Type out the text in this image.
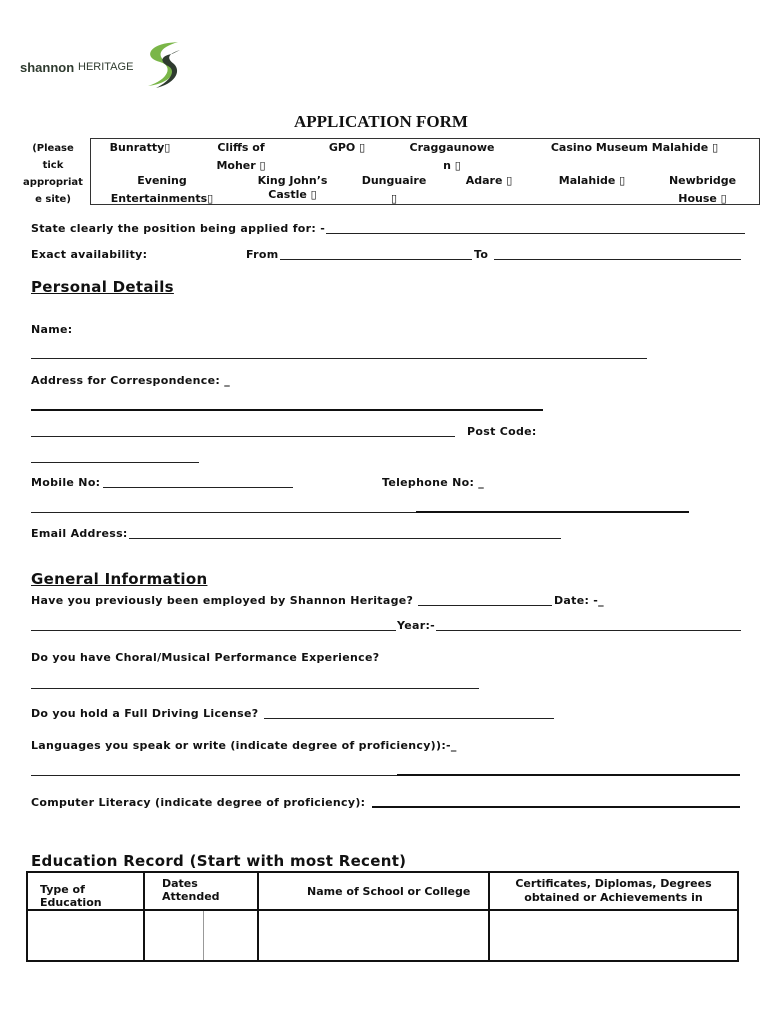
shannon HERITAGE
APPLICATION FORM
(Please
tick
appropriat
e site)
Bunratty▯	Cliffs of
Moher ▯
GPO ▯	Craggaunowe
n ▯
Casino Museum Malahide ▯
Evening
Entertainments▯
King John’s
Castle ▯
Dunguaire
▯
Adare ▯	Malahide ▯	Newbridge
House ▯
State clearly the position being applied for: -
Exact availability:	From	To
Personal Details
Name:
Address for Correspondence: _
Post Code:
Mobile No:	Telephone No: _
Email Address:
General Information
Have you previously been employed by Shannon Heritage?	Date: -_
Year:-
Do you have Choral/Musical Performance Experience?
Do you hold a Full Driving License?
Languages you speak or write (indicate degree of proficiency)):-_
Computer Literacy (indicate degree of proficiency):
Education Record (Start with most Recent)
Type of Education	Dates Attended	Name of School or College	Certificates, Diplomas, Degrees obtained or Achievements in
